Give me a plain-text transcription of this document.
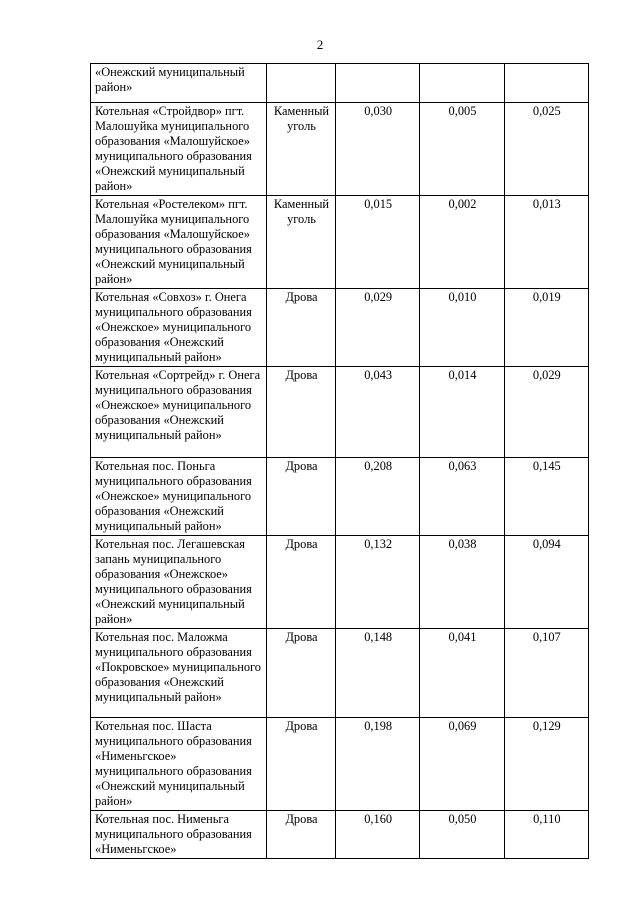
2
«Онежский муниципальный район»				
Котельная «Стройдвор» пгт. Малошуйка муниципального образования «Малошуйское» муниципального образования «Онежский муниципальный район»	Каменный уголь	0,030	0,005	0,025
Котельная «Ростелеком» пгт. Малошуйка муниципального образования «Малошуйское» муниципального образования «Онежский муниципальный район»	Каменный уголь	0,015	0,002	0,013
Котельная «Совхоз» г. Онега муниципального образования «Онежское» муниципального образования «Онежский муниципальный район»	Дрова	0,029	0,010	0,019
Котельная «Сортрейд» г. Онега муниципального образования «Онежское» муниципального образования «Онежский муниципальный район»	Дрова	0,043	0,014	0,029
Котельная пос. Поньга муниципального образования «Онежское» муниципального образования «Онежский муниципальный район»	Дрова	0,208	0,063	0,145
Котельная пос. Легашевская запань муниципального образования «Онежское» муниципального образования «Онежский муниципальный район»	Дрова	0,132	0,038	0,094
Котельная пос. Маложма муниципального образования «Покровское» муниципального образования «Онежский муниципальный район»	Дрова	0,148	0,041	0,107
Котельная пос. Шаста муниципального образования «Нименьгское» муниципального образования «Онежский муниципальный район»	Дрова	0,198	0,069	0,129
Котельная пос. Нименьга муниципального образования «Нименьгское»	Дрова	0,160	0,050	0,110
